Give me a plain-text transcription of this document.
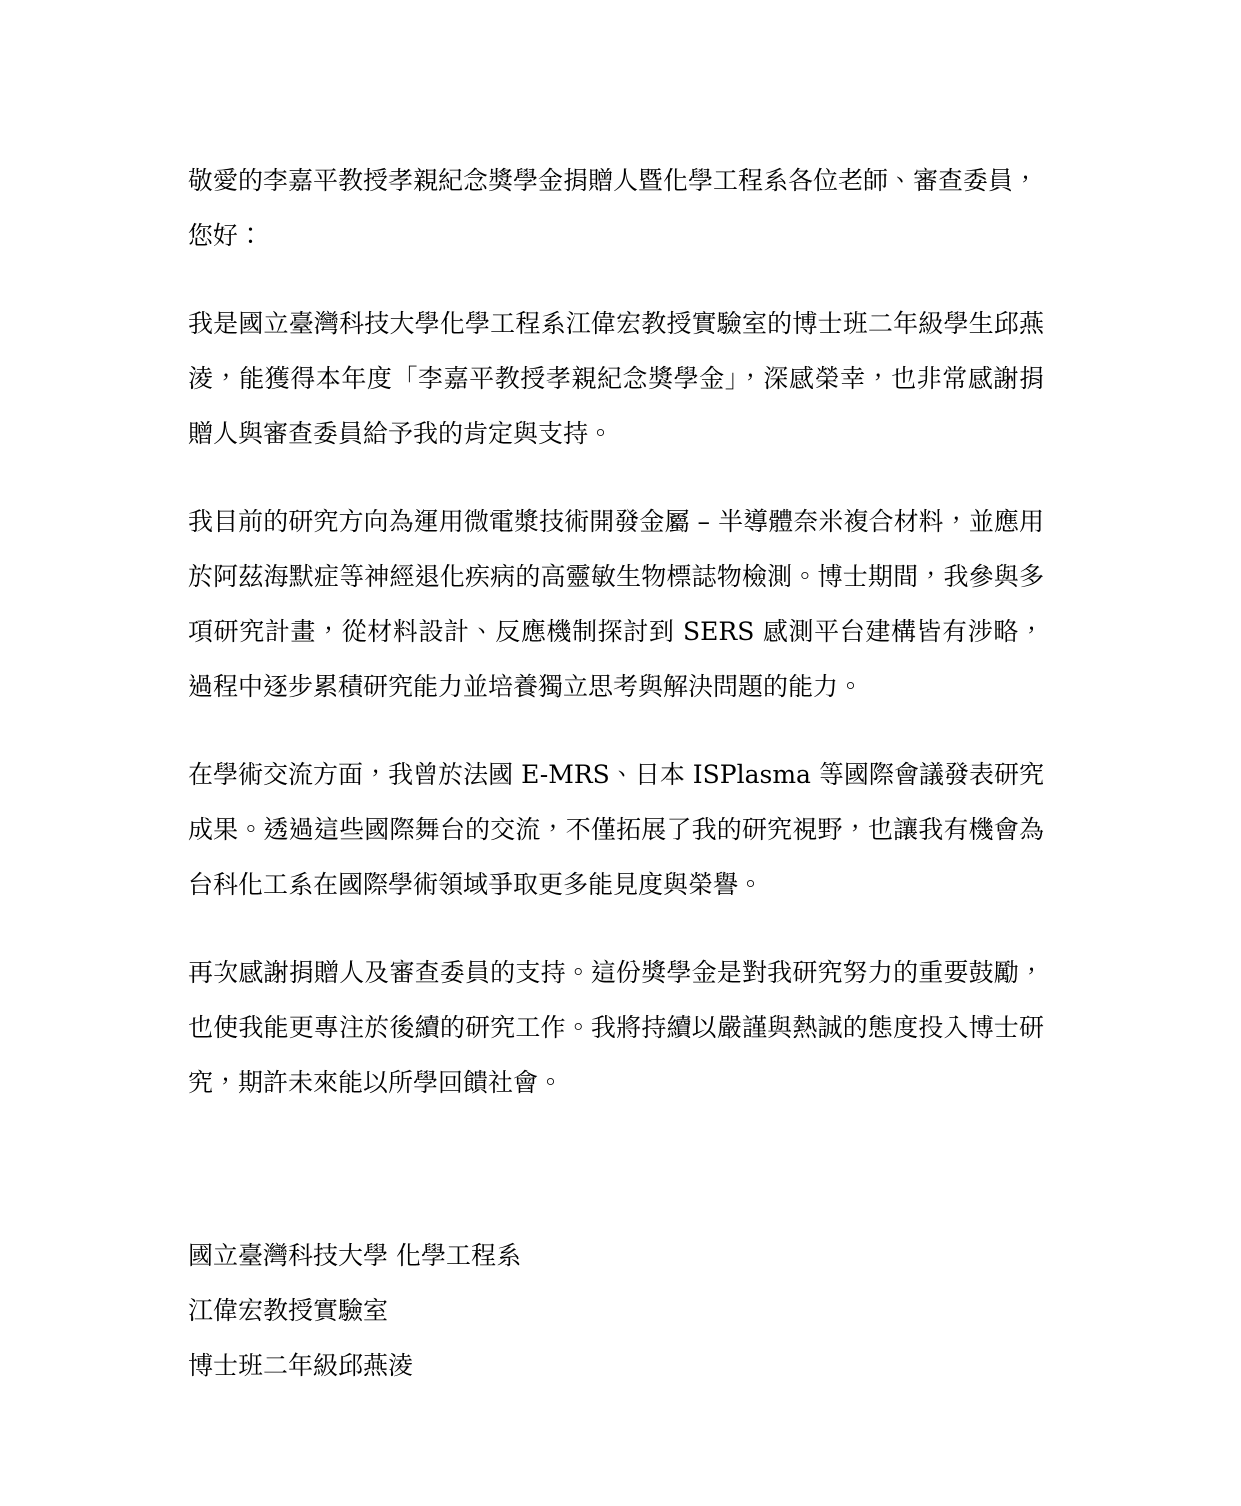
敬愛的李嘉平教授孝親紀念獎學金捐贈人暨化學工程系各位老師、審查委員，

您好：

我是國立臺灣科技大學化學工程系江偉宏教授實驗室的博士班二年級學生邱燕淩，能獲得本年度「李嘉平教授孝親紀念獎學金」，深感榮幸，也非常感謝捐贈人與審查委員給予我的肯定與支持。

我目前的研究方向為運用微電漿技術開發金屬 – 半導體奈米複合材料，並應用於阿茲海默症等神經退化疾病的高靈敏生物標誌物檢測。博士期間，我參與多項研究計畫，從材料設計、反應機制探討到 SERS 感測平台建構皆有涉略，過程中逐步累積研究能力並培養獨立思考與解決問題的能力。

在學術交流方面，我曾於法國 E-MRS、日本 ISPlasma 等國際會議發表研究成果。透過這些國際舞台的交流，不僅拓展了我的研究視野，也讓我有機會為台科化工系在國際學術領域爭取更多能見度與榮譽。

再次感謝捐贈人及審查委員的支持。這份獎學金是對我研究努力的重要鼓勵，也使我能更專注於後續的研究工作。我將持續以嚴謹與熱誠的態度投入博士研究，期許未來能以所學回饋社會。

國立臺灣科技大學 化學工程系

江偉宏教授實驗室

博士班二年級邱燕淩
